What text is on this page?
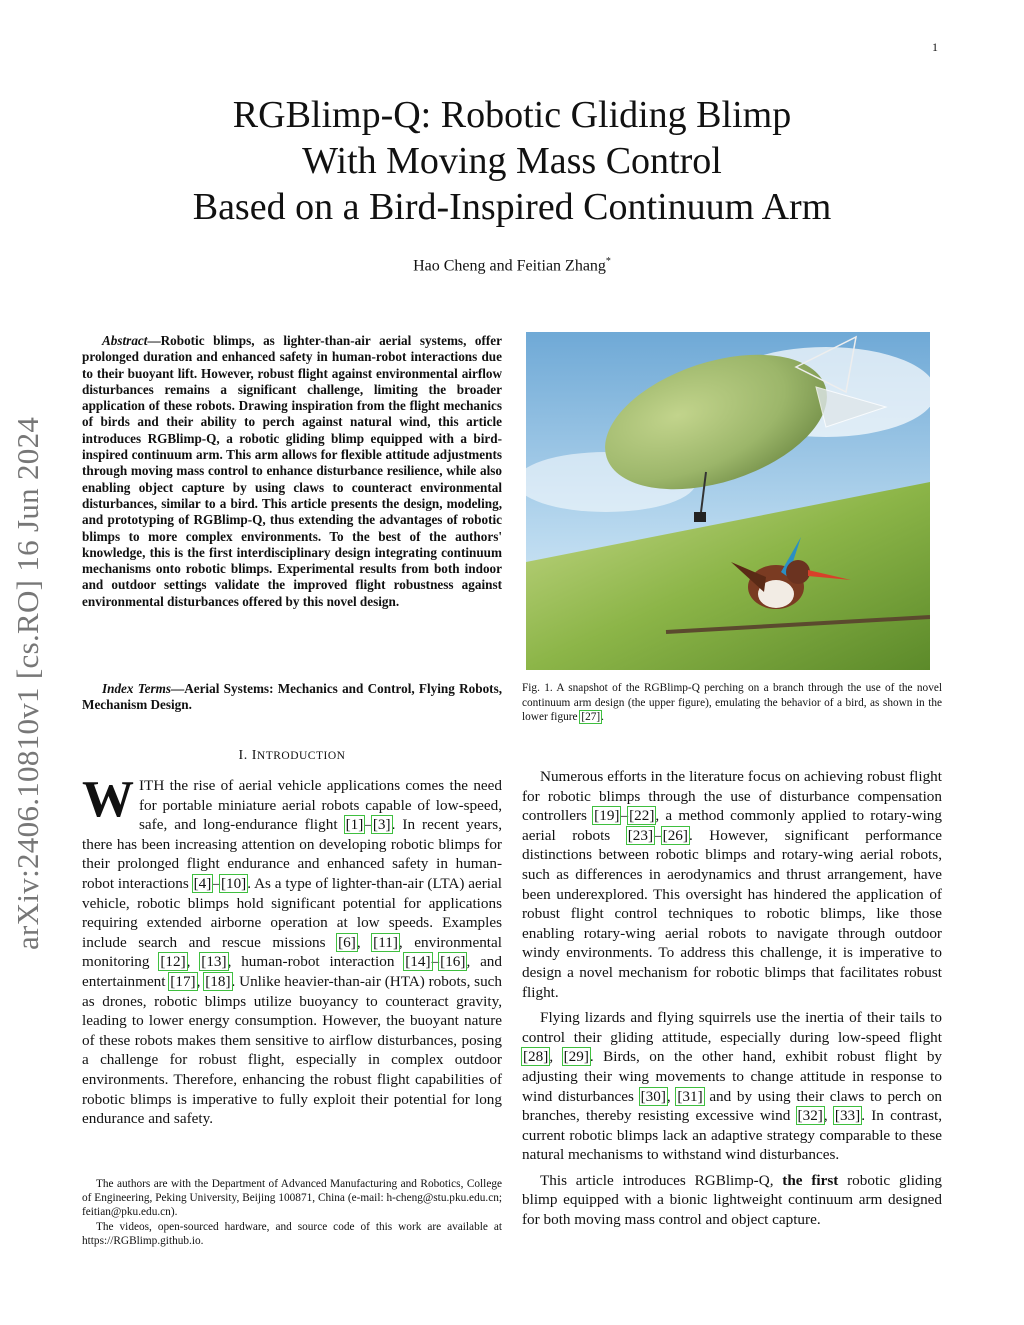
1
arXiv:2406.10810v1 [cs.RO] 16 Jun 2024
RGBlimp-Q: Robotic Gliding Blimp
With Moving Mass Control
Based on a Bird-Inspired Continuum Arm
Hao Cheng and Feitian Zhang*
Abstract—Robotic blimps, as lighter-than-air aerial systems, offer prolonged duration and enhanced safety in human-robot interactions due to their buoyant lift. However, robust flight against environmental airflow disturbances remains a significant challenge, limiting the broader application of these robots. Drawing inspiration from the flight mechanics of birds and their ability to perch against natural wind, this article introduces RGBlimp-Q, a robotic gliding blimp equipped with a bird-inspired continuum arm. This arm allows for flexible attitude adjustments through moving mass control to enhance disturbance resilience, while also enabling object capture by using claws to counteract environmental disturbances, similar to a bird. This article presents the design, modeling, and prototyping of RGBlimp-Q, thus extending the advantages of robotic blimps to more complex environments. To the best of the authors' knowledge, this is the first interdisciplinary design integrating continuum mechanisms onto robotic blimps. Experimental results from both indoor and outdoor settings validate the improved flight robustness against environmental disturbances offered by this novel design.
Index Terms—Aerial Systems: Mechanics and Control, Flying Robots, Mechanism Design.
I. INTRODUCTION
WITH the rise of aerial vehicle applications comes the need for portable miniature aerial robots capable of low-speed, safe, and long-endurance flight [1]–[3]. In recent years, there has been increasing attention on developing robotic blimps for their prolonged flight endurance and enhanced safety in human-robot interactions [4]–[10]. As a type of lighter-than-air (LTA) aerial vehicle, robotic blimps hold significant potential for applications requiring extended airborne operation at low speeds. Examples include search and rescue missions [6], [11], environmental monitoring [12], [13], human-robot interaction [14]–[16], and entertainment [17], [18]. Unlike heavier-than-air (HTA) robots, such as drones, robotic blimps utilize buoyancy to counteract gravity, leading to lower energy consumption. However, the buoyant nature of these robots makes them sensitive to airflow disturbances, posing a challenge for robust flight, especially in complex outdoor environments. Therefore, enhancing the robust flight capabilities of robotic blimps is imperative to fully exploit their potential for long endurance and safety.

The authors are with the Department of Advanced Manufacturing and Robotics, College of Engineering, Peking University, Beijing 100871, China (e-mail: h-cheng@stu.pku.edu.cn; feitian@pku.edu.cn).

The videos, open-sourced hardware, and source code of this work are available at https://RGBlimp.github.io.

Fig. 1. A snapshot of the RGBlimp-Q perching on a branch through the use of the novel continuum arm design (the upper figure), emulating the behavior of a bird, as shown in the lower figure [27].

Numerous efforts in the literature focus on achieving robust flight for robotic blimps through the use of disturbance compensation controllers [19]–[22], a method commonly applied to rotary-wing aerial robots [23]–[26]. However, significant performance distinctions between robotic blimps and rotary-wing aerial robots, such as differences in aerodynamics and thrust arrangement, have been underexplored. This oversight has hindered the application of robust flight control techniques to robotic blimps, like those enabling rotary-wing aerial robots to navigate through outdoor windy environments. To address this challenge, it is imperative to design a novel mechanism for robotic blimps that facilitates robust flight.

Flying lizards and flying squirrels use the inertia of their tails to control their gliding attitude, especially during low-speed flight [28], [29]. Birds, on the other hand, exhibit robust flight by adjusting their wing movements to change attitude in response to wind disturbances [30], [31] and by using their claws to perch on branches, thereby resisting excessive wind [32], [33]. In contrast, current robotic blimps lack an adaptive strategy comparable to these natural mechanisms to withstand wind disturbances.

This article introduces RGBlimp-Q, the first robotic gliding blimp equipped with a bionic lightweight continuum arm designed for both moving mass control and object capture.
